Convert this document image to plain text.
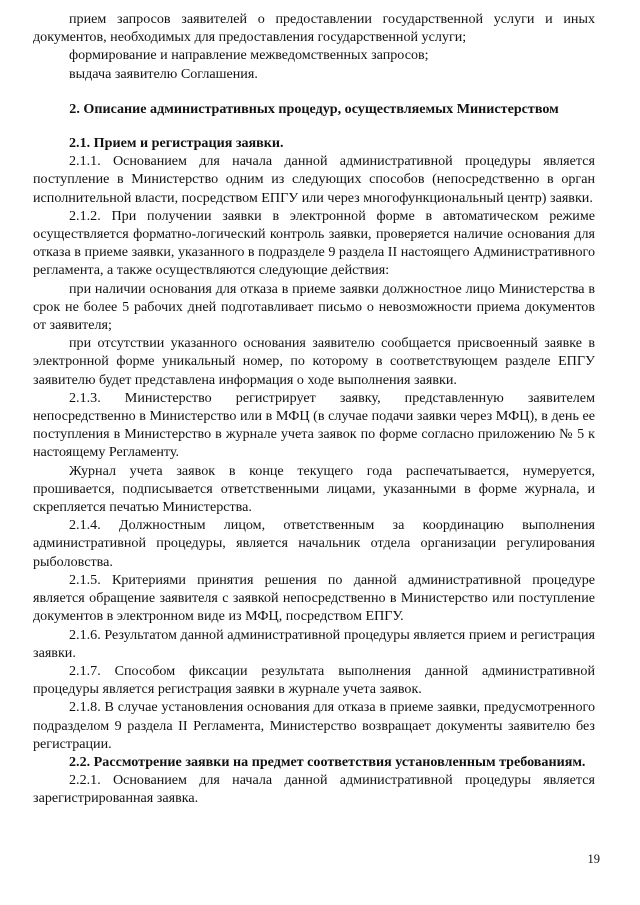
прием запросов заявителей о предоставлении государственной услуги и иных документов, необходимых для предоставления государственной услуги;

формирование и направление межведомственных запросов;

выдача заявителю Соглашения.

2. Описание административных процедур, осуществляемых Министерством

2.1. Прием и регистрация заявки.

2.1.1. Основанием для начала данной административной процедуры является поступление в Министерство одним из следующих способов (непосредственно в орган исполнительной власти, посредством ЕПГУ или через многофункциональный центр) заявки.

2.1.2. При получении заявки в электронной форме в автоматическом режиме осуществляется форматно-логический контроль заявки, проверяется наличие основания для отказа в приеме заявки, указанного в подразделе 9 раздела II настоящего Административного регламента, а также осуществляются следующие действия:

при наличии основания для отказа в приеме заявки должностное лицо Министерства в срок не более 5 рабочих дней подготавливает письмо о невозможности приема документов от заявителя;

при отсутствии указанного основания заявителю сообщается присвоенный заявке в электронной форме уникальный номер, по которому в соответствующем разделе ЕПГУ заявителю будет представлена информация о ходе выполнения заявки.

2.1.3. Министерство регистрирует заявку, представленную заявителем непосредственно в Министерство или в МФЦ (в случае подачи заявки через МФЦ), в день ее поступления в Министерство в журнале учета заявок по форме согласно приложению № 5 к настоящему Регламенту.

Журнал учета заявок в конце текущего года распечатывается, нумеруется, прошивается, подписывается ответственными лицами, указанными в форме журнала, и скрепляется печатью Министерства.

2.1.4. Должностным лицом, ответственным за координацию выполнения административной процедуры, является начальник отдела организации регулирования рыболовства.

2.1.5. Критериями принятия решения по данной административной процедуре является обращение заявителя с заявкой непосредственно в Министерство или поступление документов в электронном виде из МФЦ, посредством ЕПГУ.

2.1.6. Результатом данной административной процедуры является прием и регистрация заявки.

2.1.7. Способом фиксации результата выполнения данной административной процедуры является регистрация заявки в журнале учета заявок.

2.1.8. В случае установления основания для отказа в приеме заявки, предусмотренного подразделом 9 раздела II Регламента, Министерство возвращает документы заявителю без регистрации.

2.2. Рассмотрение заявки на предмет соответствия установленным требованиям.

2.2.1. Основанием для начала данной административной процедуры является зарегистрированная заявка.

19
